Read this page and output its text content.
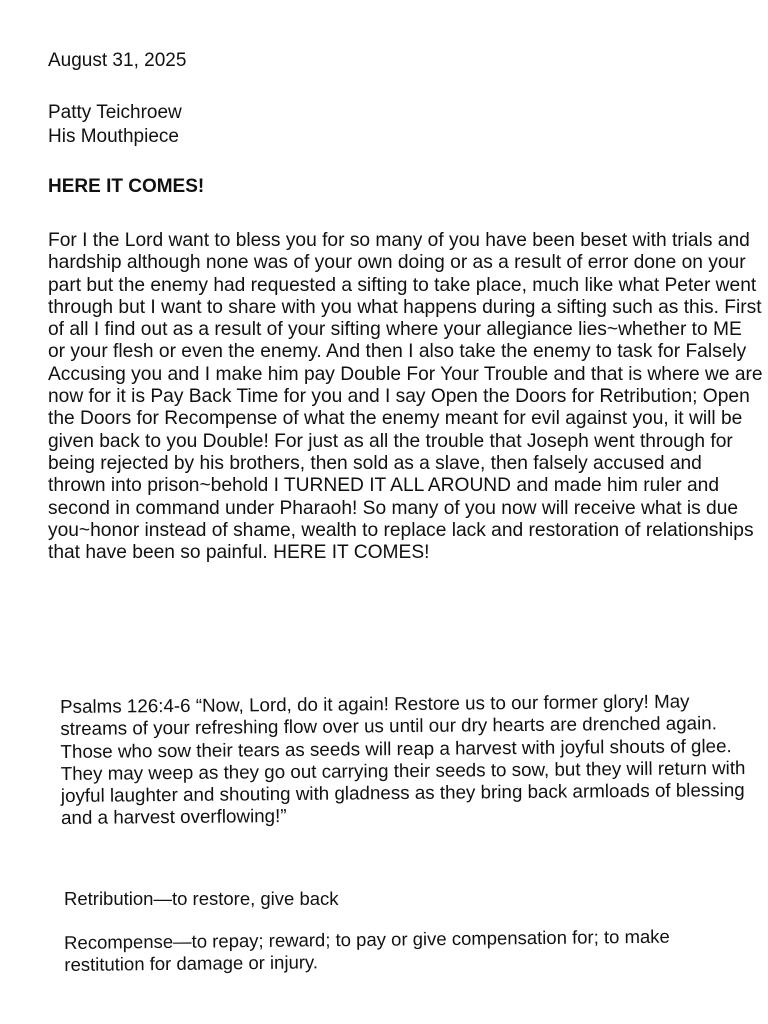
August 31, 2025
Patty Teichroew
His Mouthpiece
HERE IT COMES!
For I the Lord want to bless you for so many of you have been beset with trials and hardship although none was of your own doing or as a result of error done on your part but the enemy had requested a sifting to take place, much like what Peter went through but I want to share with you what happens during a sifting such as this. First of all I find out as a result of your sifting where your allegiance lies~whether to ME or your flesh or even the enemy. And then I also take the enemy to task for Falsely Accusing you and I make him pay Double For Your Trouble and that is where we are now for it is Pay Back Time for you and I say Open the Doors for Retribution; Open the Doors for Recompense of what the enemy meant for evil against you, it will be given back to you Double! For just as all the trouble that Joseph went through for being rejected by his brothers, then sold as a slave, then falsely accused and thrown into prison~behold I TURNED IT ALL AROUND and made him ruler and second in command under Pharaoh! So many of you now will receive what is due you~honor instead of shame, wealth to replace lack and restoration of relationships that have been so painful. HERE IT COMES!
Psalms 126:4-6 “Now, Lord, do it again! Restore us to our former glory! May streams of your refreshing flow over us until our dry hearts are drenched again. Those who sow their tears as seeds will reap a harvest with joyful shouts of glee. They may weep as they go out carrying their seeds to sow, but they will return with joyful laughter and shouting with gladness as they bring back armloads of blessing and a harvest overflowing!”
Retribution—to restore, give back
Recompense—to repay; reward; to pay or give compensation for; to make restitution for damage or injury.
